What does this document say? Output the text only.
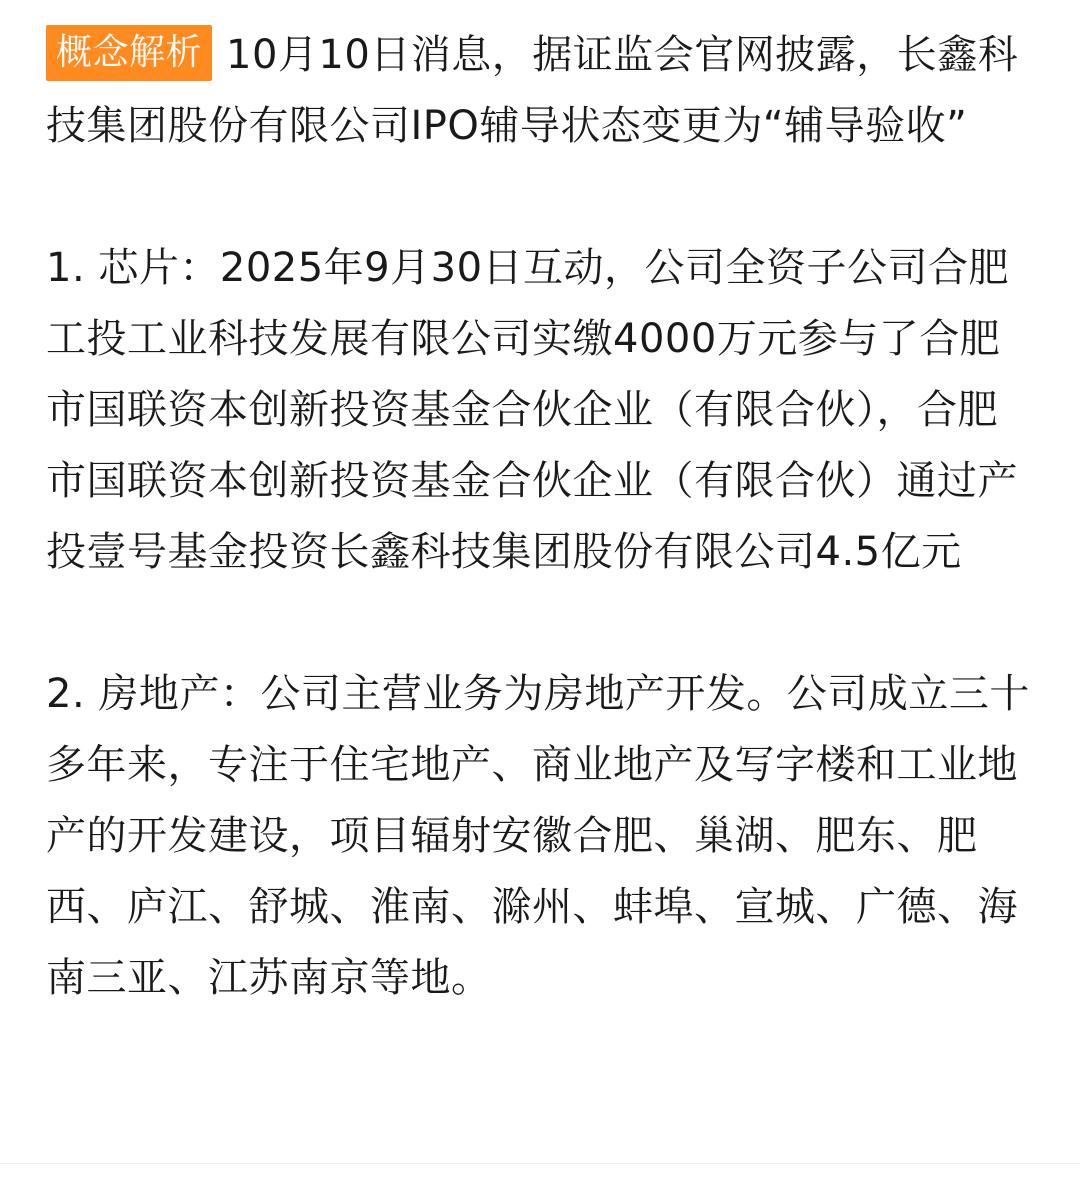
概念解析 10月10日消息，据证监会官网披露，长鑫科技集团股份有限公司IPO辅导状态变更为“辅导验收”

1. 芯片：2025年9月30日互动，公司全资子公司合肥工投工业科技发展有限公司实缴4000万元参与了合肥市国联资本创新投资基金合伙企业（有限合伙），合肥市国联资本创新投资基金合伙企业（有限合伙）通过产投壹号基金投资长鑫科技集团股份有限公司4.5亿元

2. 房地产：公司主营业务为房地产开发。公司成立三十多年来，专注于住宅地产、商业地产及写字楼和工业地产的开发建设，项目辐射安徽合肥、巢湖、肥东、肥西、庐江、舒城、淮南、滁州、蚌埠、宣城、广德、海南三亚、江苏南京等地。
